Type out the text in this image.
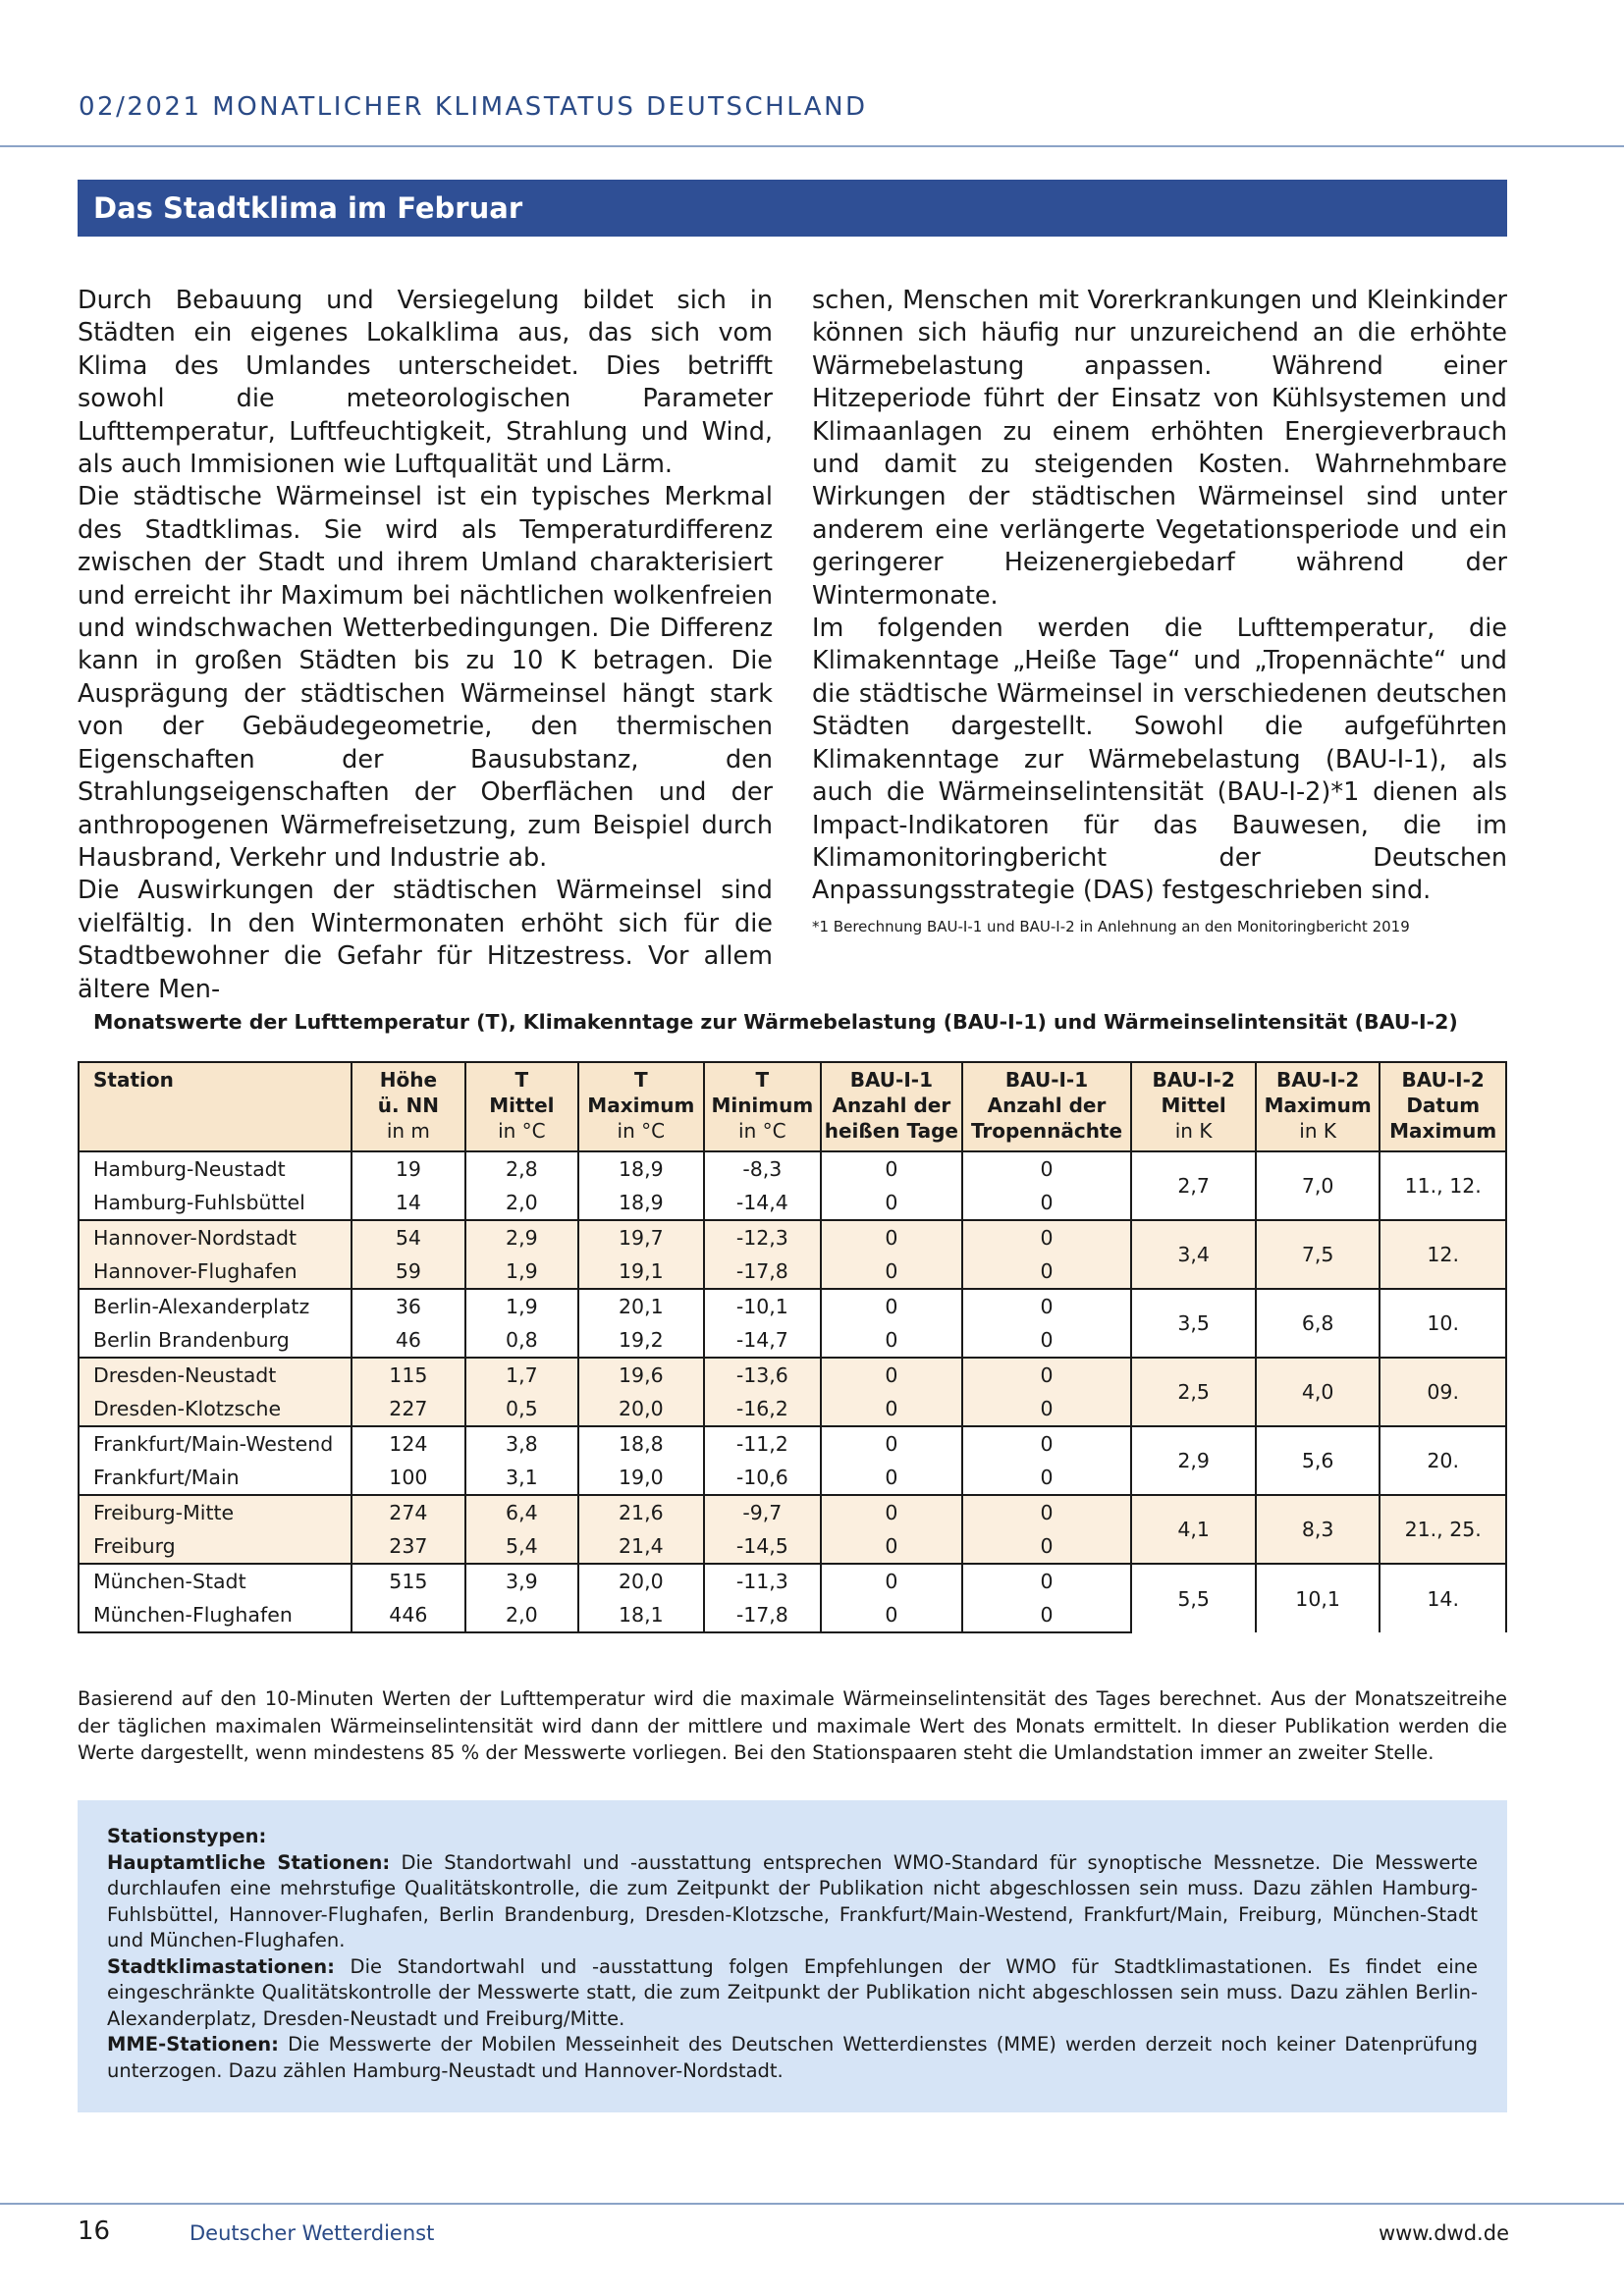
02/2021 MONATLICHER KLIMASTATUS DEUTSCHLAND
Das Stadtklima im Februar

Durch Bebauung und Versiegelung bildet sich in Städten ein eigenes Lokalklima aus, das sich vom Klima des Umlandes unterscheidet. Dies betrifft sowohl die meteorologischen Parameter Lufttemperatur, Luftfeuchtigkeit, Strahlung und Wind, als auch Immisionen wie Luftqualität und Lärm.

Die städtische Wärmeinsel ist ein typisches Merkmal des Stadtklimas. Sie wird als Temperaturdifferenz zwischen der Stadt und ihrem Umland charakterisiert und erreicht ihr Maximum bei nächtlichen wolkenfreien und windschwachen Wetterbedingungen. Die Differenz kann in großen Städten bis zu 10 K betragen. Die Ausprägung der städtischen Wärmeinsel hängt stark von der Gebäudegeometrie, den thermischen Eigenschaften der Bausubstanz, den Strahlungseigenschaften der Oberflächen und der anthropogenen Wärmefreisetzung, zum Beispiel durch Hausbrand, Verkehr und Industrie ab.

Die Auswirkungen der städtischen Wärmeinsel sind vielfältig. In den Wintermonaten erhöht sich für die Stadtbewohner die Gefahr für Hitzestress. Vor allem ältere Men-

schen, Menschen mit Vorerkrankungen und Kleinkinder können sich häufig nur unzureichend an die erhöhte Wärmebelastung anpassen. Während einer Hitzeperiode führt der Einsatz von Kühlsystemen und Klimaanlagen zu einem erhöhten Energieverbrauch und damit zu steigenden Kosten. Wahrnehmbare Wirkungen der städtischen Wärmeinsel sind unter anderem eine verlängerte Vegetationsperiode und ein geringerer Heizenergiebedarf während der Wintermonate.

Im folgenden werden die Lufttemperatur, die Klimakenntage „Heiße Tage“ und „Tropennächte“ und die städtische Wärmeinsel in verschiedenen deutschen Städten dargestellt. Sowohl die aufgeführten Klimakenntage zur Wärmebelastung (BAU-I-1), als auch die Wärmeinselintensität (BAU-I-2)*1 dienen als Impact-Indikatoren für das Bauwesen, die im Klimamonitoringbericht der Deutschen Anpassungsstrategie (DAS) festgeschrieben sind.

*1 Berechnung BAU-I-1 und BAU-I-2 in Anlehnung an den Monitoringbericht 2019
Monatswerte der Lufttemperatur (T), Klimakenntage zur Wärmebelastung (BAU-I-1) und Wärmeinselintensität (BAU-I-2)
Station	Höhe
ü. NN
in m	T
Mittel
in °C	T
Maximum
in °C	T
Minimum
in °C	BAU-I-1
Anzahl der
heißen Tage	BAU-I-1
Anzahl der
Tropennächte	BAU-I-2
Mittel
in K	BAU-I-2
Maximum
in K	BAU-I-2
Datum
Maximum

Hamburg-Neustadt	19	2,8	18,9	-8,3	0	0	2,7	7,0	11., 12.
Hamburg-Fuhlsbüttel	14	2,0	18,9	-14,4	0	0			
Hannover-Nordstadt	54	2,9	19,7	-12,3	0	0	3,4	7,5	12.
Hannover-Flughafen	59	1,9	19,1	-17,8	0	0			
Berlin-Alexanderplatz	36	1,9	20,1	-10,1	0	0	3,5	6,8	10.
Berlin Brandenburg	46	0,8	19,2	-14,7	0	0			
Dresden-Neustadt	115	1,7	19,6	-13,6	0	0	2,5	4,0	09.
Dresden-Klotzsche	227	0,5	20,0	-16,2	0	0			
Frankfurt/Main-Westend	124	3,8	18,8	-11,2	0	0	2,9	5,6	20.
Frankfurt/Main	100	3,1	19,0	-10,6	0	0			
Freiburg-Mitte	274	6,4	21,6	-9,7	0	0	4,1	8,3	21., 25.
Freiburg	237	5,4	21,4	-14,5	0	0			
München-Stadt	515	3,9	20,0	-11,3	0	0	5,5	10,1	14.
München-Flughafen	446	2,0	18,1	-17,8	0	0			
Basierend auf den 10-Minuten Werten der Lufttemperatur wird die maximale Wärmeinselintensität des Tages berechnet. Aus der Monatszeitreihe der täglichen maximalen Wärmeinselintensität wird dann der mittlere und maximale Wert des Monats ermittelt. In dieser Publikation werden die Werte dargestellt, wenn mindestens 85 % der Messwerte vorliegen. Bei den Stationspaaren steht die Umlandstation immer an zweiter Stelle.

Stationstypen:

Hauptamtliche Stationen: Die Standortwahl und -ausstattung entsprechen WMO-Standard für synoptische Messnetze. Die Messwerte durchlaufen eine mehrstufige Qualitätskontrolle, die zum Zeitpunkt der Publikation nicht abgeschlossen sein muss. Dazu zählen Hamburg-Fuhlsbüttel, Hannover-Flughafen, Berlin Brandenburg, Dresden-Klotzsche, Frankfurt/Main-Westend, Frankfurt/Main, Freiburg, München-Stadt und München-Flughafen.

Stadtklimastationen: Die Standortwahl und -ausstattung folgen Empfehlungen der WMO für Stadtklimastationen. Es findet eine eingeschränkte Qualitätskontrolle der Messwerte statt, die zum Zeitpunkt der Publikation nicht abgeschlossen sein muss. Dazu zählen Berlin-Alexanderplatz, Dresden-Neustadt und Freiburg/Mitte.

MME-Stationen: Die Messwerte der Mobilen Messeinheit des Deutschen Wetterdienstes (MME) werden derzeit noch keiner Datenprüfung unterzogen. Dazu zählen Hamburg-Neustadt und Hannover-Nordstadt.

16	Deutscher Wetterdienst	www.dwd.de
